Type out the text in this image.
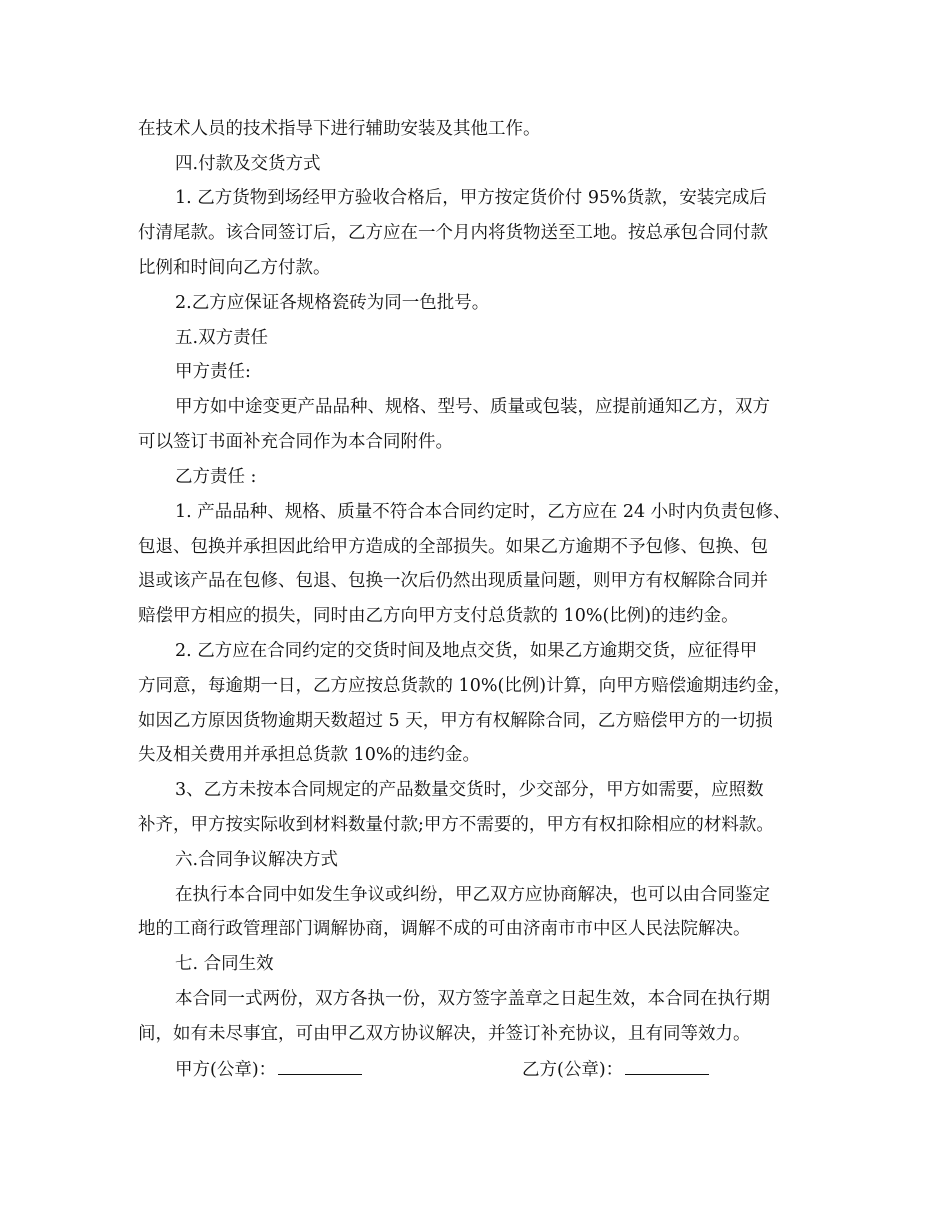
在技术人员的技术指导下进行辅助安装及其他工作。

四.付款及交货方式

1. 乙方货物到场经甲方验收合格后，甲方按定货价付 95%货款，安装完成后

付清尾款。该合同签订后，乙方应在一个月内将货物送至工地。按总承包合同付款

比例和时间向乙方付款。

2.乙方应保证各规格瓷砖为同一色批号。

五.双方责任

甲方责任:

甲方如中途变更产品品种、规格、型号、质量或包装，应提前通知乙方，双方

可以签订书面补充合同作为本合同附件。

乙方责任 :

1. 产品品种、规格、质量不符合本合同约定时，乙方应在 24 小时内负责包修、

包退、包换并承担因此给甲方造成的全部损失。如果乙方逾期不予包修、包换、包

退或该产品在包修、包退、包换一次后仍然出现质量问题，则甲方有权解除合同并

赔偿甲方相应的损失，同时由乙方向甲方支付总货款的 10%(比例)的违约金。

2. 乙方应在合同约定的交货时间及地点交货，如果乙方逾期交货，应征得甲

方同意，每逾期一日，乙方应按总货款的 10%(比例)计算，向甲方赔偿逾期违约金，

如因乙方原因货物逾期天数超过 5 天，甲方有权解除合同，乙方赔偿甲方的一切损

失及相关费用并承担总货款 10%的违约金。

3、乙方未按本合同规定的产品数量交货时，少交部分，甲方如需要，应照数

补齐，甲方按实际收到材料数量付款;甲方不需要的，甲方有权扣除相应的材料款。

六.合同争议解决方式

在执行本合同中如发生争议或纠纷，甲乙双方应协商解决，也可以由合同鉴定

地的工商行政管理部门调解协商，调解不成的可由济南市市中区人民法院解决。

七. 合同生效

本合同一式两份，双方各执一份，双方签字盖章之日起生效，本合同在执行期

间，如有未尽事宜，可由甲乙双方协议解决，并签订补充协议，且有同等效力。

甲方(公章)：	乙方(公章)：
